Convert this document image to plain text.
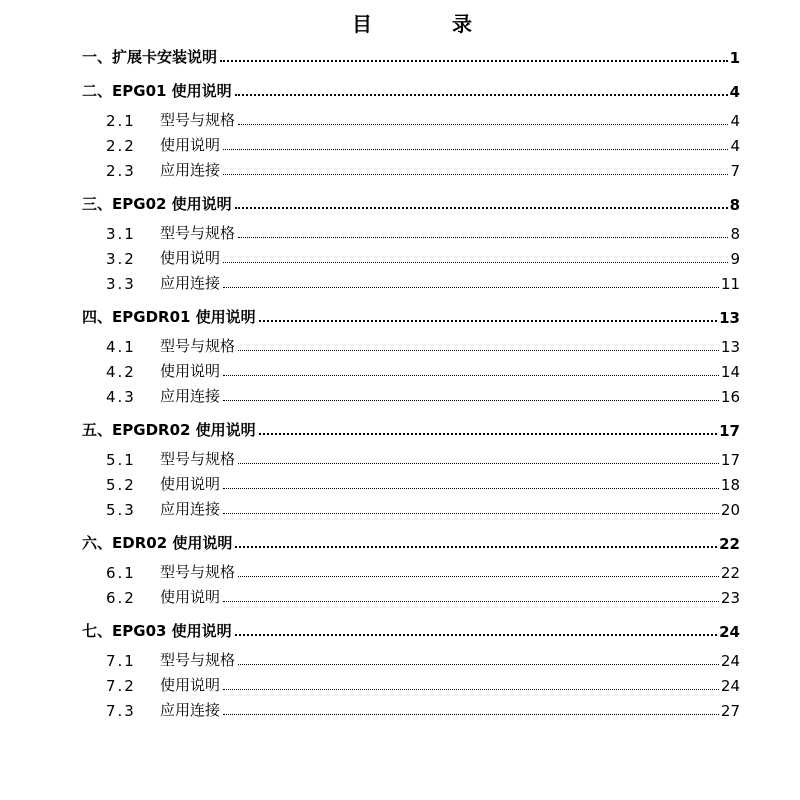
目	录
一、 扩展卡安装说明	1
二、 EPG01 使用说明	4
2.1	型号与规格	4
2.2	使用说明	4
2.3	应用连接	7
三、 EPG02 使用说明	8
3.1	型号与规格	8
3.2	使用说明	9
3.3	应用连接	11
四、 EPGDR01 使用说明	13
4.1	型号与规格	13
4.2	使用说明	14
4.3	应用连接	16
五、 EPGDR02 使用说明	17
5.1	型号与规格	17
5.2	使用说明	18
5.3	应用连接	20
六、 EDR02 使用说明	22
6.1	型号与规格	22
6.2	使用说明	23
七、 EPG03 使用说明	24
7.1	型号与规格	24
7.2	使用说明	24
7.3	应用连接	27
